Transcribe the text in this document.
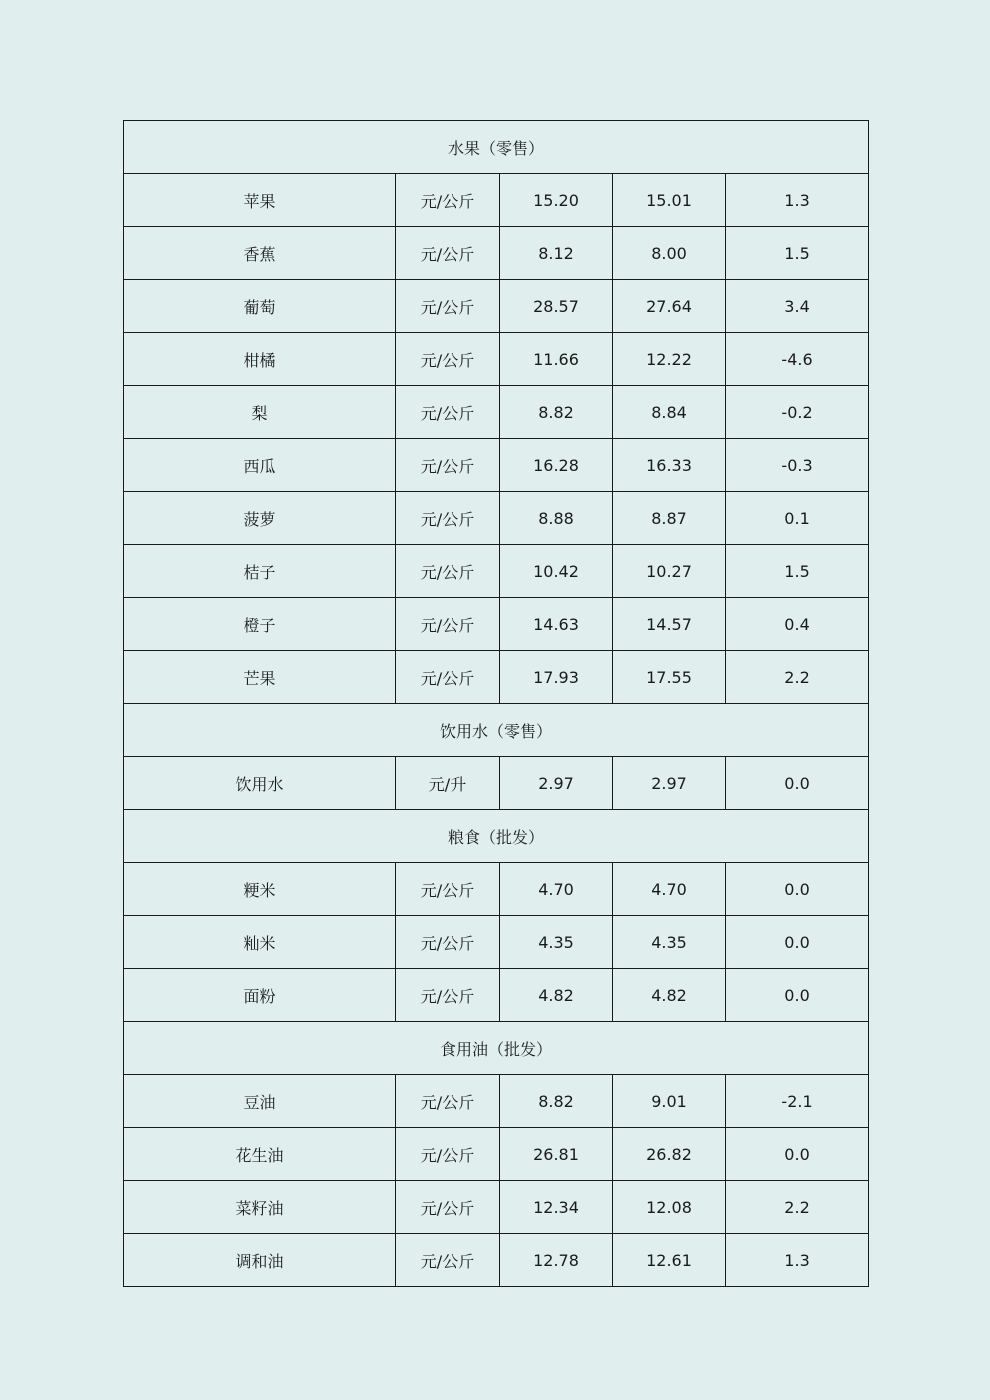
水果（零售）				
苹果	元/公斤	15.20	15.01	1.3
香蕉	元/公斤	8.12	8.00	1.5
葡萄	元/公斤	28.57	27.64	3.4
柑橘	元/公斤	11.66	12.22	-4.6
梨	元/公斤	8.82	8.84	-0.2
西瓜	元/公斤	16.28	16.33	-0.3
菠萝	元/公斤	8.88	8.87	0.1
桔子	元/公斤	10.42	10.27	1.5
橙子	元/公斤	14.63	14.57	0.4
芒果	元/公斤	17.93	17.55	2.2
饮用水（零售）				
饮用水	元/升	2.97	2.97	0.0
粮食（批发）				
粳米	元/公斤	4.70	4.70	0.0
籼米	元/公斤	4.35	4.35	0.0
面粉	元/公斤	4.82	4.82	0.0
食用油（批发）				
豆油	元/公斤	8.82	9.01	-2.1
花生油	元/公斤	26.81	26.82	0.0
菜籽油	元/公斤	12.34	12.08	2.2
调和油	元/公斤	12.78	12.61	1.3
